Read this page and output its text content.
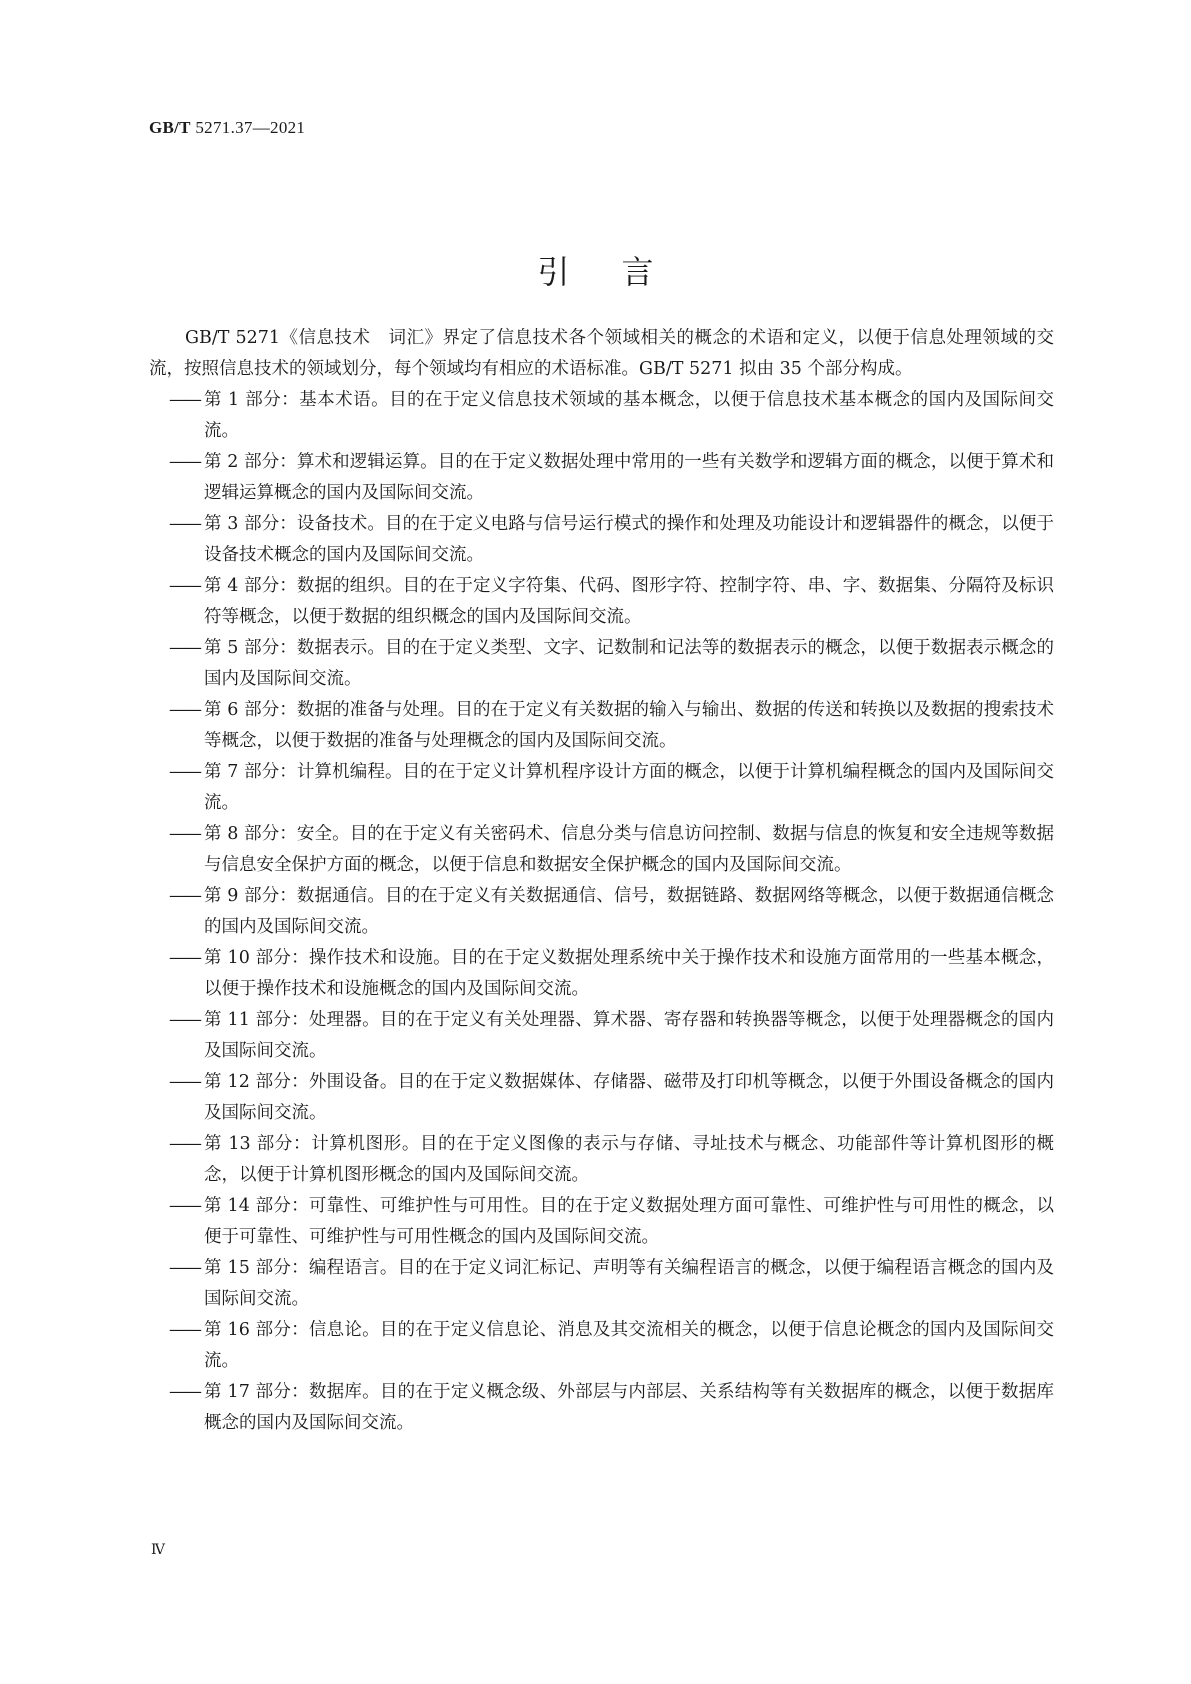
GB/T 5271.37—2021
引言

GB/T 5271《信息技术　词汇》界定了信息技术各个领域相关的概念的术语和定义，以便于信息处理领域的交流，按照信息技术的领域划分，每个领域均有相应的术语标准。GB/T 5271 拟由 35 个部分构成。

—— 第 1 部分：基本术语。目的在于定义信息技术领域的基本概念，以便于信息技术基本概念的国内及国际间交流。
—— 第 2 部分：算术和逻辑运算。目的在于定义数据处理中常用的一些有关数学和逻辑方面的概念，以便于算术和逻辑运算概念的国内及国际间交流。
—— 第 3 部分：设备技术。目的在于定义电路与信号运行模式的操作和处理及功能设计和逻辑器件的概念，以便于设备技术概念的国内及国际间交流。
—— 第 4 部分：数据的组织。目的在于定义字符集、代码、图形字符、控制字符、串、字、数据集、分隔符及标识符等概念，以便于数据的组织概念的国内及国际间交流。
—— 第 5 部分：数据表示。目的在于定义类型、文字、记数制和记法等的数据表示的概念，以便于数据表示概念的国内及国际间交流。
—— 第 6 部分：数据的准备与处理。目的在于定义有关数据的输入与输出、数据的传送和转换以及数据的搜索技术等概念，以便于数据的准备与处理概念的国内及国际间交流。
—— 第 7 部分：计算机编程。目的在于定义计算机程序设计方面的概念，以便于计算机编程概念的国内及国际间交流。
—— 第 8 部分：安全。目的在于定义有关密码术、信息分类与信息访问控制、数据与信息的恢复和安全违规等数据与信息安全保护方面的概念，以便于信息和数据安全保护概念的国内及国际间交流。
—— 第 9 部分：数据通信。目的在于定义有关数据通信、信号，数据链路、数据网络等概念，以便于数据通信概念的国内及国际间交流。
—— 第 10 部分：操作技术和设施。目的在于定义数据处理系统中关于操作技术和设施方面常用的一些基本概念，以便于操作技术和设施概念的国内及国际间交流。
—— 第 11 部分：处理器。目的在于定义有关处理器、算术器、寄存器和转换器等概念，以便于处理器概念的国内及国际间交流。
—— 第 12 部分：外围设备。目的在于定义数据媒体、存储器、磁带及打印机等概念，以便于外围设备概念的国内及国际间交流。
—— 第 13 部分：计算机图形。目的在于定义图像的表示与存储、寻址技术与概念、功能部件等计算机图形的概念，以便于计算机图形概念的国内及国际间交流。
—— 第 14 部分：可靠性、可维护性与可用性。目的在于定义数据处理方面可靠性、可维护性与可用性的概念，以便于可靠性、可维护性与可用性概念的国内及国际间交流。
—— 第 15 部分：编程语言。目的在于定义词汇标记、声明等有关编程语言的概念，以便于编程语言概念的国内及国际间交流。
—— 第 16 部分：信息论。目的在于定义信息论、消息及其交流相关的概念，以便于信息论概念的国内及国际间交流。
—— 第 17 部分：数据库。目的在于定义概念级、外部层与内部层、关系结构等有关数据库的概念，以便于数据库概念的国内及国际间交流。
Ⅳ
